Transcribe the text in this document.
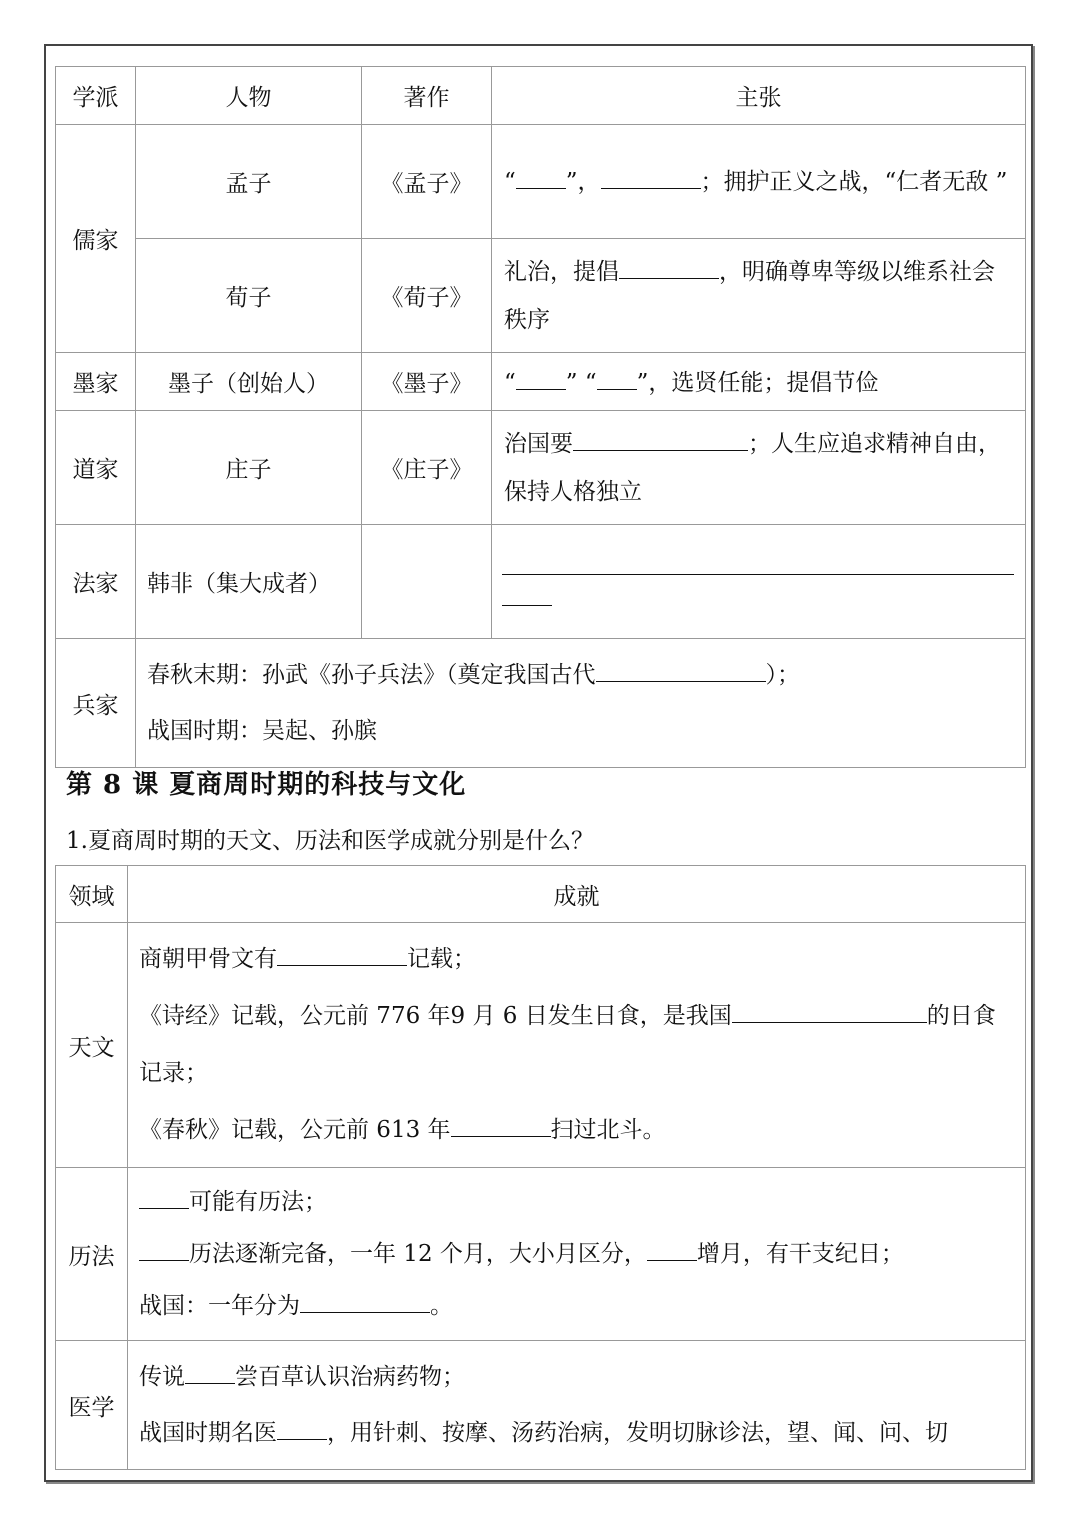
学派	人物	著作	主张
儒家	孟子	《孟子》	“ ”， ；拥护正义之战，“仁者无敌 ”
	荀子	《荀子》	礼治，提倡 ，明确尊卑等级以维系社会秩序
墨家	墨子（创始人）	《墨子》	“ ” “ ”，选贤任能；提倡节俭
道家	庄子	《庄子》	治国要 ；人生应追求精神自由，保持人格独立
法家	韩非（集大成者）		

兵家	春秋末期：孙武《孙子兵法》（奠定我国古代 ）；
战国时期：吴起、孙膑		
第 8 课 夏商周时期的科技与文化
1.夏商周时期的天文、历法和医学成就分别是什么？
领域	成就
天文	商朝甲骨文有 记载；
《诗经》记载，公元前 776 年9 月 6 日发生日食，是我国 的日食记录；
《春秋》记载，公元前 613 年 扫过北斗。
历法	可能有历法；
历法逐渐完备，一年 12 个月，大小月区分， 增月，有干支纪日；
战国：一年分为 。
医学	传说 尝百草认识治病药物；
战国时期名医 ，用针刺、按摩、汤药治病，发明切脉诊法，望、闻、问、切
